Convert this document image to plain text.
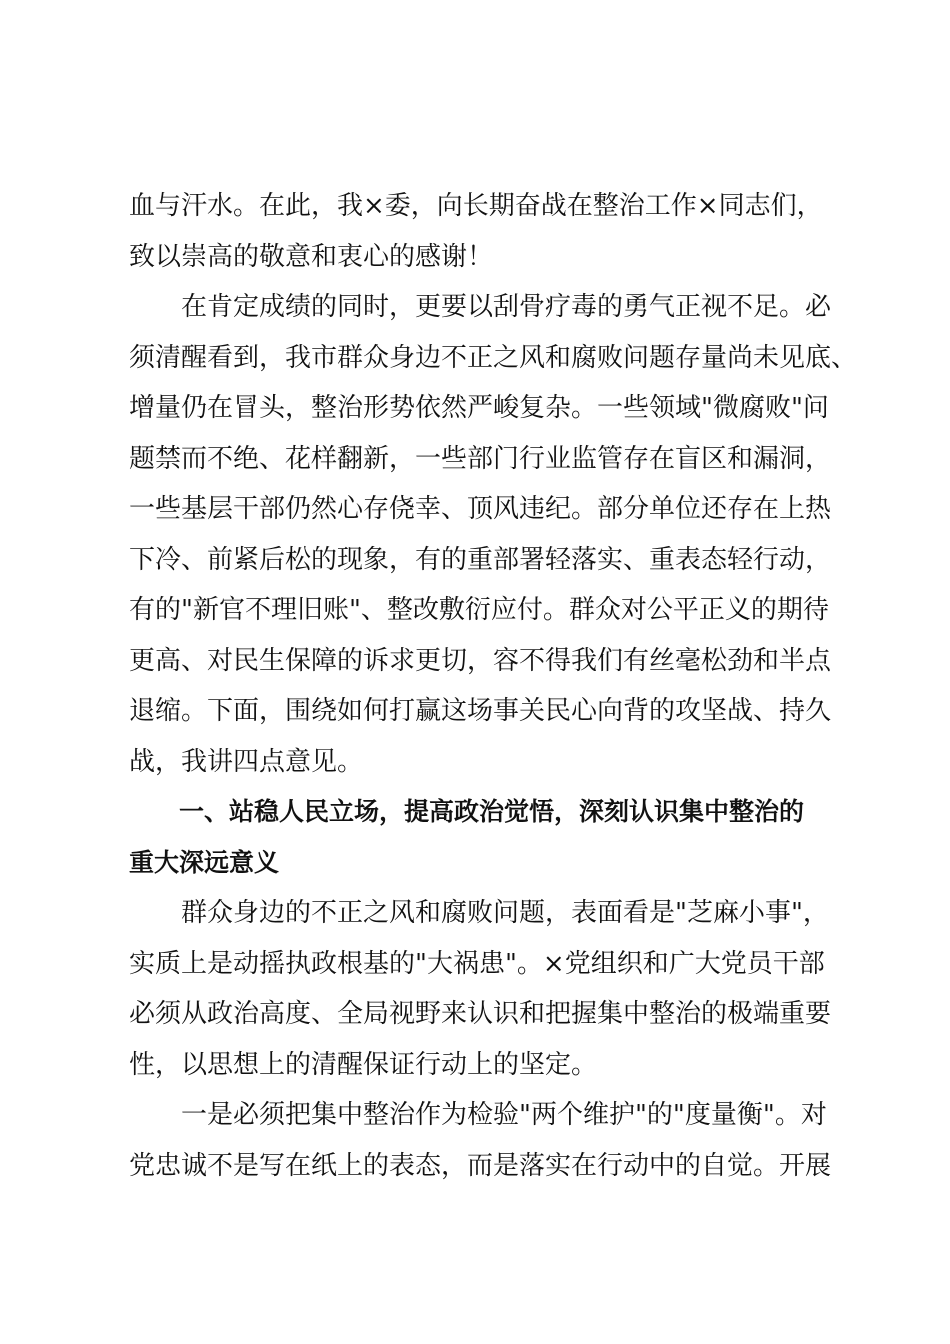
血与汗水。在此，我×委，向长期奋战在整治工作×同志们，
致以崇高的敬意和衷心的感谢！
　　在肯定成绩的同时，更要以刮骨疗毒的勇气正视不足。必
须清醒看到，我市群众身边不正之风和腐败问题存量尚未见底、
增量仍在冒头，整治形势依然严峻复杂。一些领域"微腐败"问
题禁而不绝、花样翻新，一些部门行业监管存在盲区和漏洞，
一些基层干部仍然心存侥幸、顶风违纪。部分单位还存在上热
下冷、前紧后松的现象，有的重部署轻落实、重表态轻行动，
有的"新官不理旧账"、整改敷衍应付。群众对公平正义的期待
更高、对民生保障的诉求更切，容不得我们有丝毫松劲和半点
退缩。下面，围绕如何打赢这场事关民心向背的攻坚战、持久
战，我讲四点意见。
　　一、站稳人民立场，提高政治觉悟，深刻认识集中整治的
重大深远意义
　　群众身边的不正之风和腐败问题，表面看是"芝麻小事"，
实质上是动摇执政根基的"大祸患"。×党组织和广大党员干部
必须从政治高度、全局视野来认识和把握集中整治的极端重要
性，以思想上的清醒保证行动上的坚定。
　　一是必须把集中整治作为检验"两个维护"的"度量衡"。对
党忠诚不是写在纸上的表态，而是落实在行动中的自觉。开展
